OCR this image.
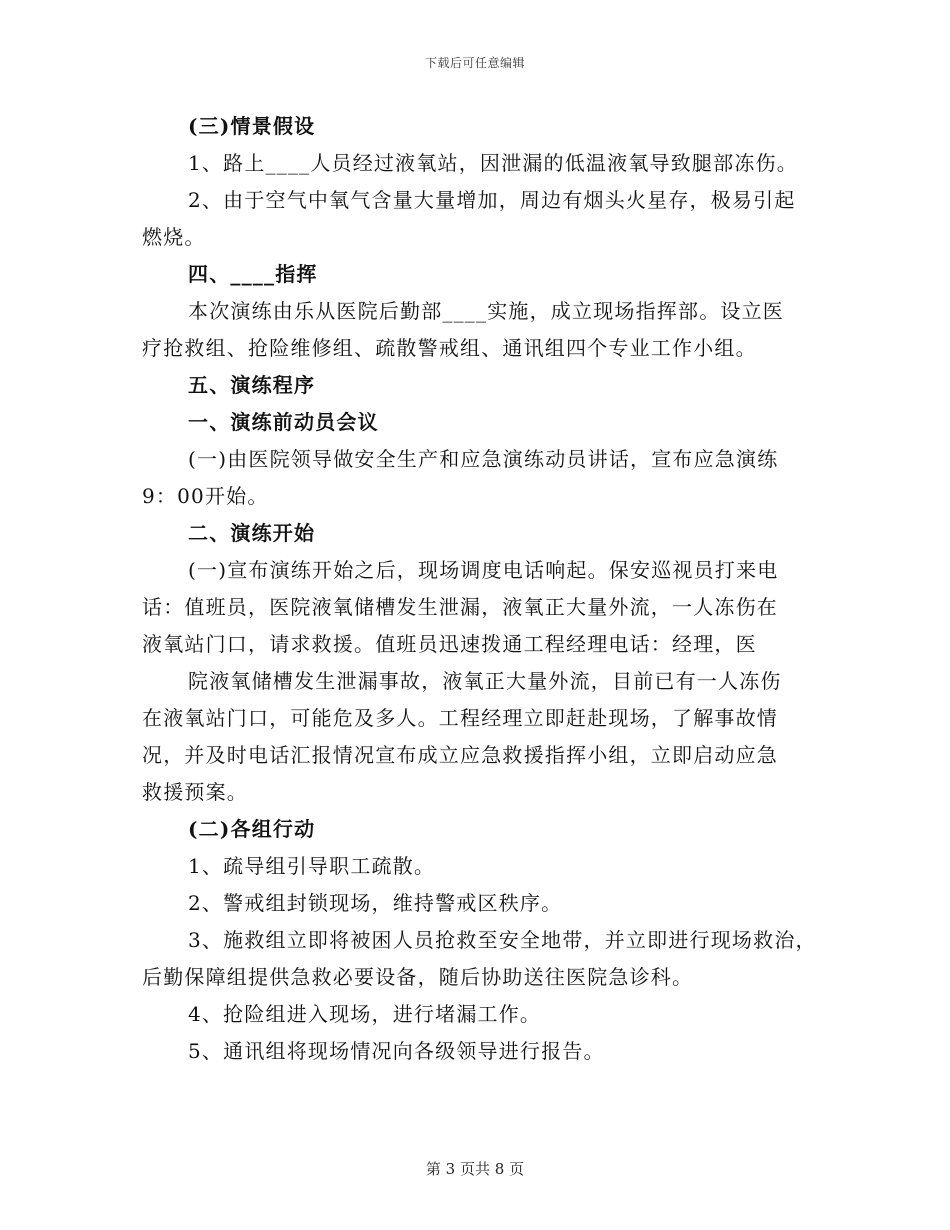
下载后可任意编辑
(三)情景假设
1、路上____人员经过液氧站，因泄漏的低温液氧导致腿部冻伤。
2、由于空气中氧气含量大量增加，周边有烟头火星存，极易引起
燃烧。
四、____指挥
本次演练由乐从医院后勤部____实施，成立现场指挥部。设立医
疗抢救组、抢险维修组、疏散警戒组、通讯组四个专业工作小组。
五、演练程序
一、演练前动员会议
(一)由医院领导做安全生产和应急演练动员讲话，宣布应急演练
9：00开始。
二、演练开始
(一)宣布演练开始之后，现场调度电话响起。保安巡视员打来电
话：值班员，医院液氧储槽发生泄漏，液氧正大量外流，一人冻伤在
液氧站门口，请求救援。值班员迅速拨通工程经理电话：经理，医
院液氧储槽发生泄漏事故，液氧正大量外流，目前已有一人冻伤
在液氧站门口，可能危及多人。工程经理立即赶赴现场，了解事故情
况，并及时电话汇报情况宣布成立应急救援指挥小组，立即启动应急
救援预案。
(二)各组行动
1、疏导组引导职工疏散。
2、警戒组封锁现场，维持警戒区秩序。
3、施救组立即将被困人员抢救至安全地带，并立即进行现场救治，
后勤保障组提供急救必要设备，随后协助送往医院急诊科。
4、抢险组进入现场，进行堵漏工作。
5、通讯组将现场情况向各级领导进行报告。
第 3 页共 8 页
